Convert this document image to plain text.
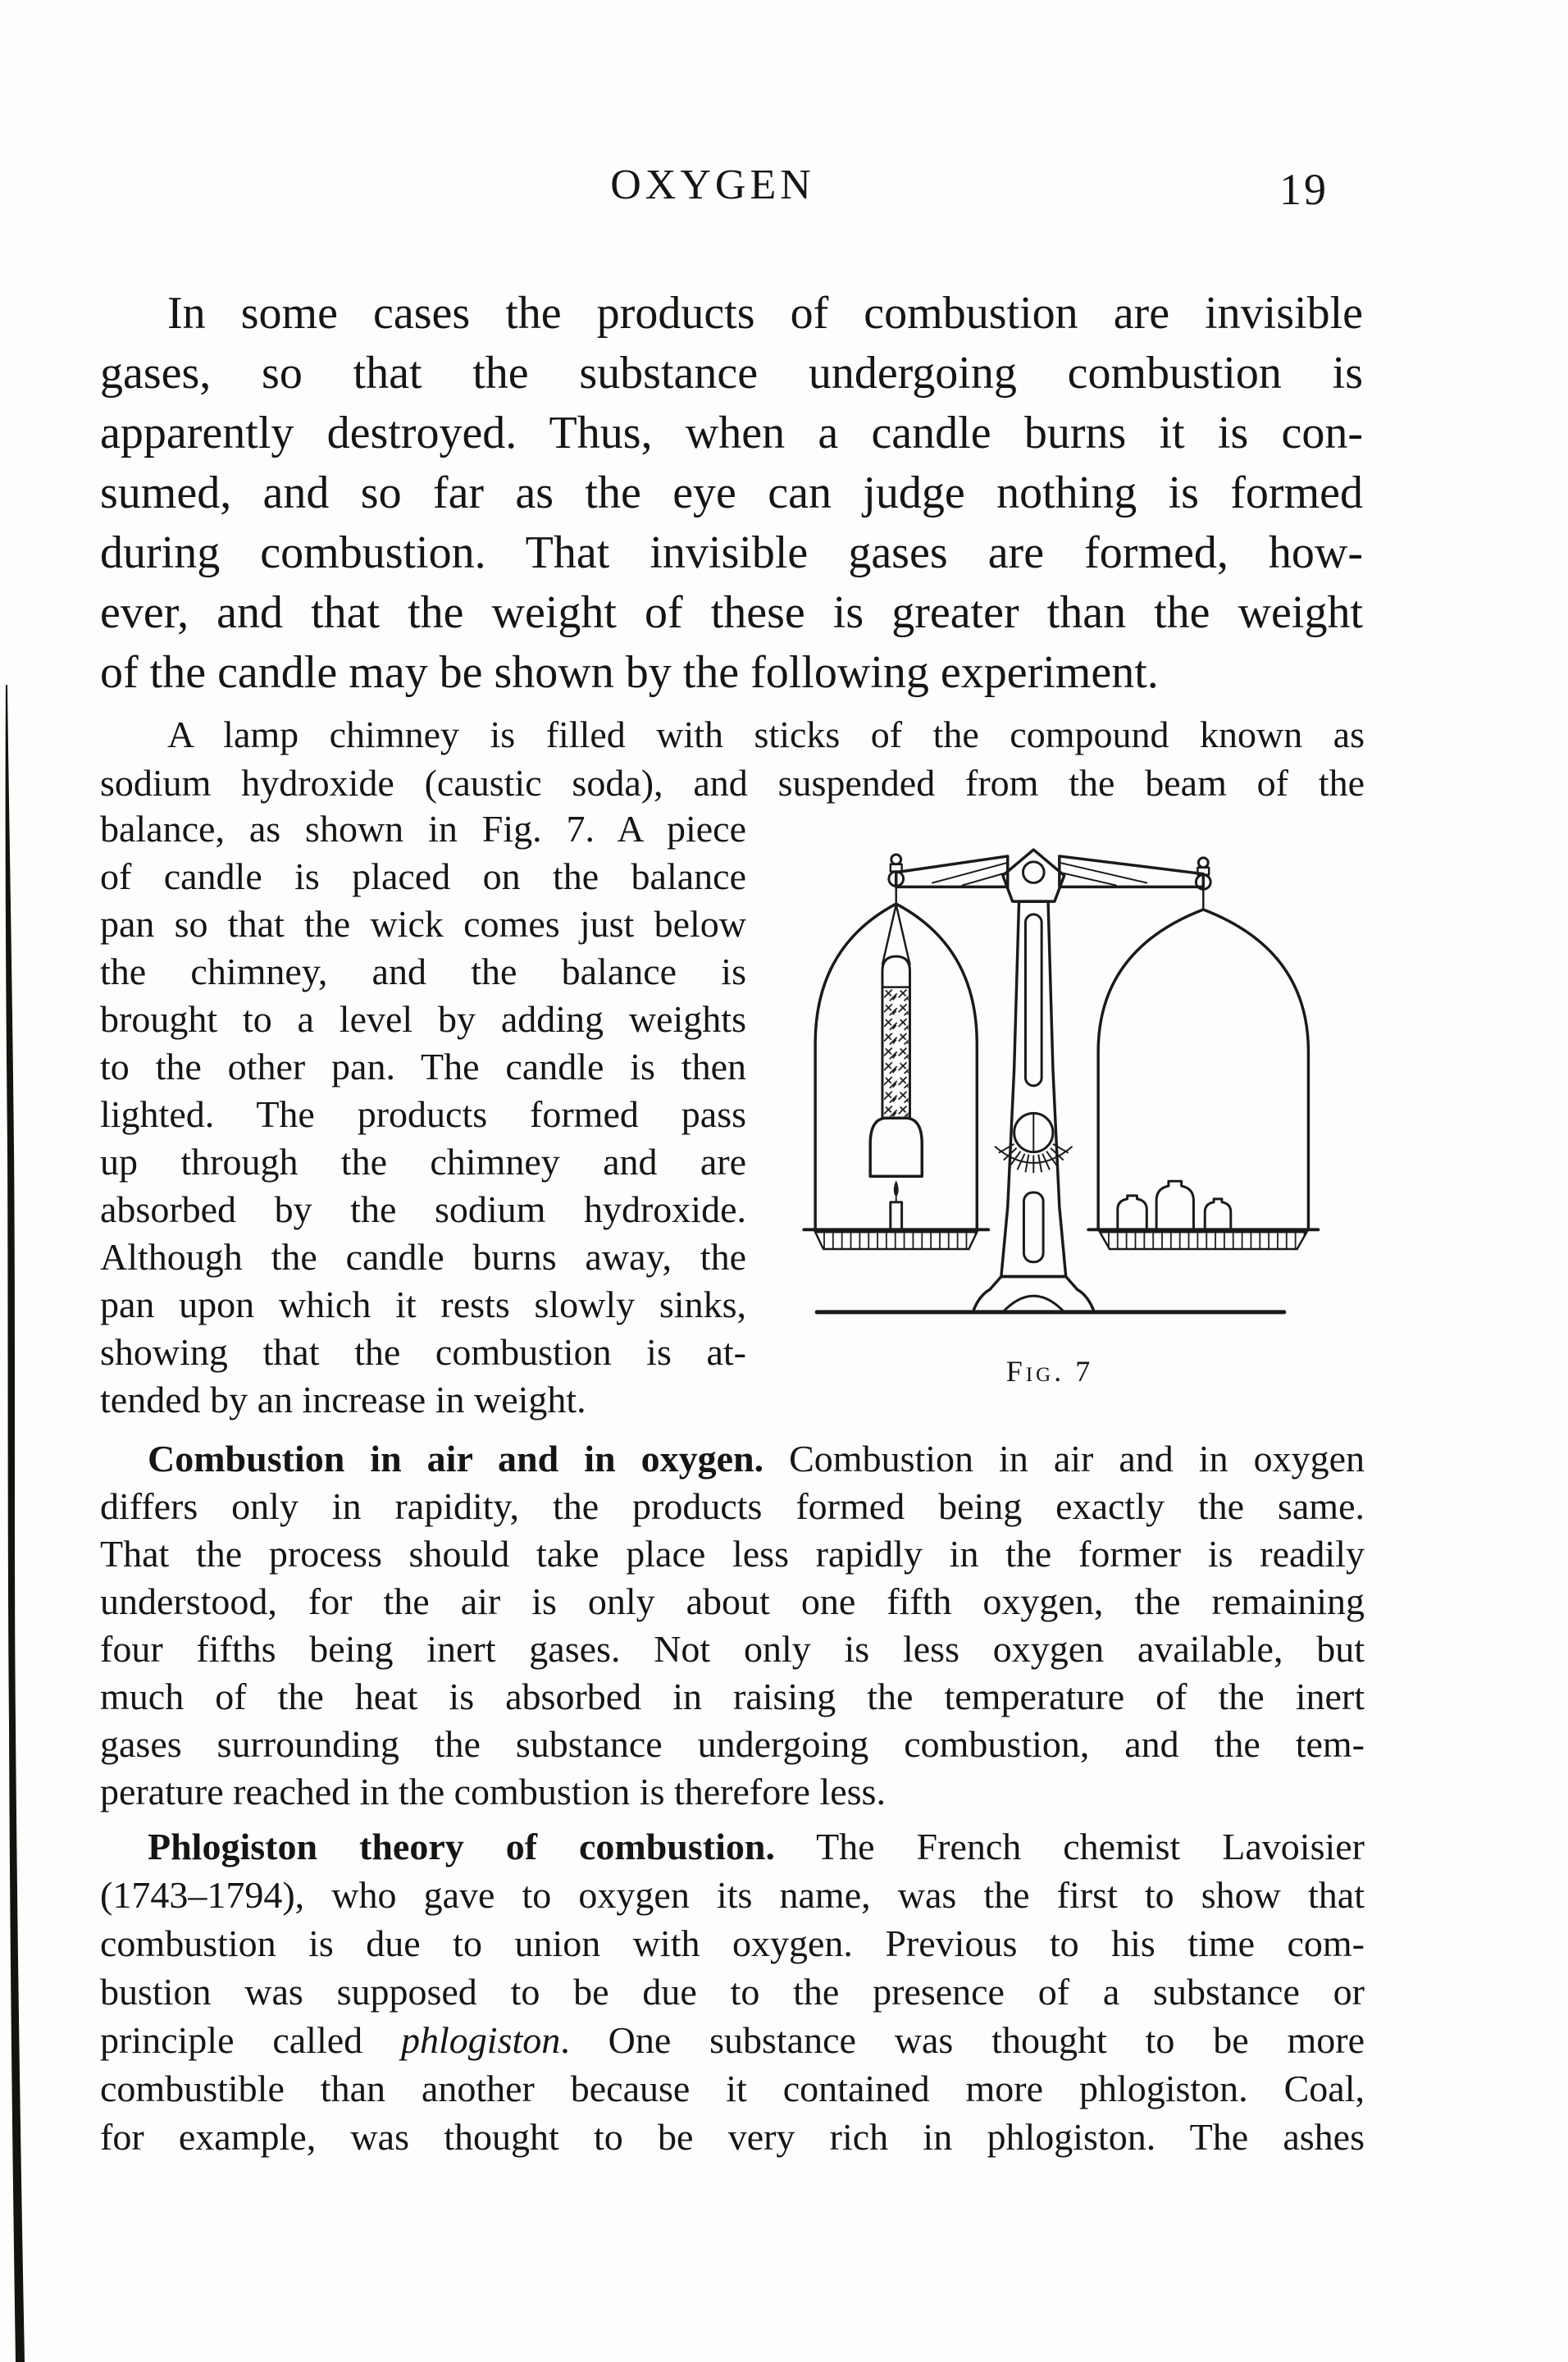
OXYGEN	19
In some cases the products of combustion are invisible
gases, so that the substance undergoing combustion is
apparently destroyed. Thus, when a candle burns it is con-
sumed, and so far as the eye can judge nothing is formed
during combustion. That invisible gases are formed, how-
ever, and that the weight of these is greater than the weight
of the candle may be shown by the following experiment.
A lamp chimney is filled with sticks of the compound known as
sodium hydroxide (caustic soda), and suspended from the beam of the
balance, as shown in Fig. 7. A piece
of candle is placed on the balance
pan so that the wick comes just below
the chimney, and the balance is
brought to a level by adding weights
to the other pan. The candle is then
lighted. The products formed pass
up through the chimney and are
absorbed by the sodium hydroxide.
Although the candle burns away, the
pan upon which it rests slowly sinks,
showing that the combustion is at-
tended by an increase in weight.
Fig. 7
Combustion in air and in oxygen. Combustion in air and in oxygen
differs only in rapidity, the products formed being exactly the same.
That the process should take place less rapidly in the former is readily
understood, for the air is only about one fifth oxygen, the remaining
four fifths being inert gases. Not only is less oxygen available, but
much of the heat is absorbed in raising the temperature of the inert
gases surrounding the substance undergoing combustion, and the tem-
perature reached in the combustion is therefore less.
Phlogiston theory of combustion. The French chemist Lavoisier
(1743–1794), who gave to oxygen its name, was the first to show that
combustion is due to union with oxygen. Previous to his time com-
bustion was supposed to be due to the presence of a substance or
principle called phlogiston. One substance was thought to be more
combustible than another because it contained more phlogiston. Coal,
for example, was thought to be very rich in phlogiston. The ashes
